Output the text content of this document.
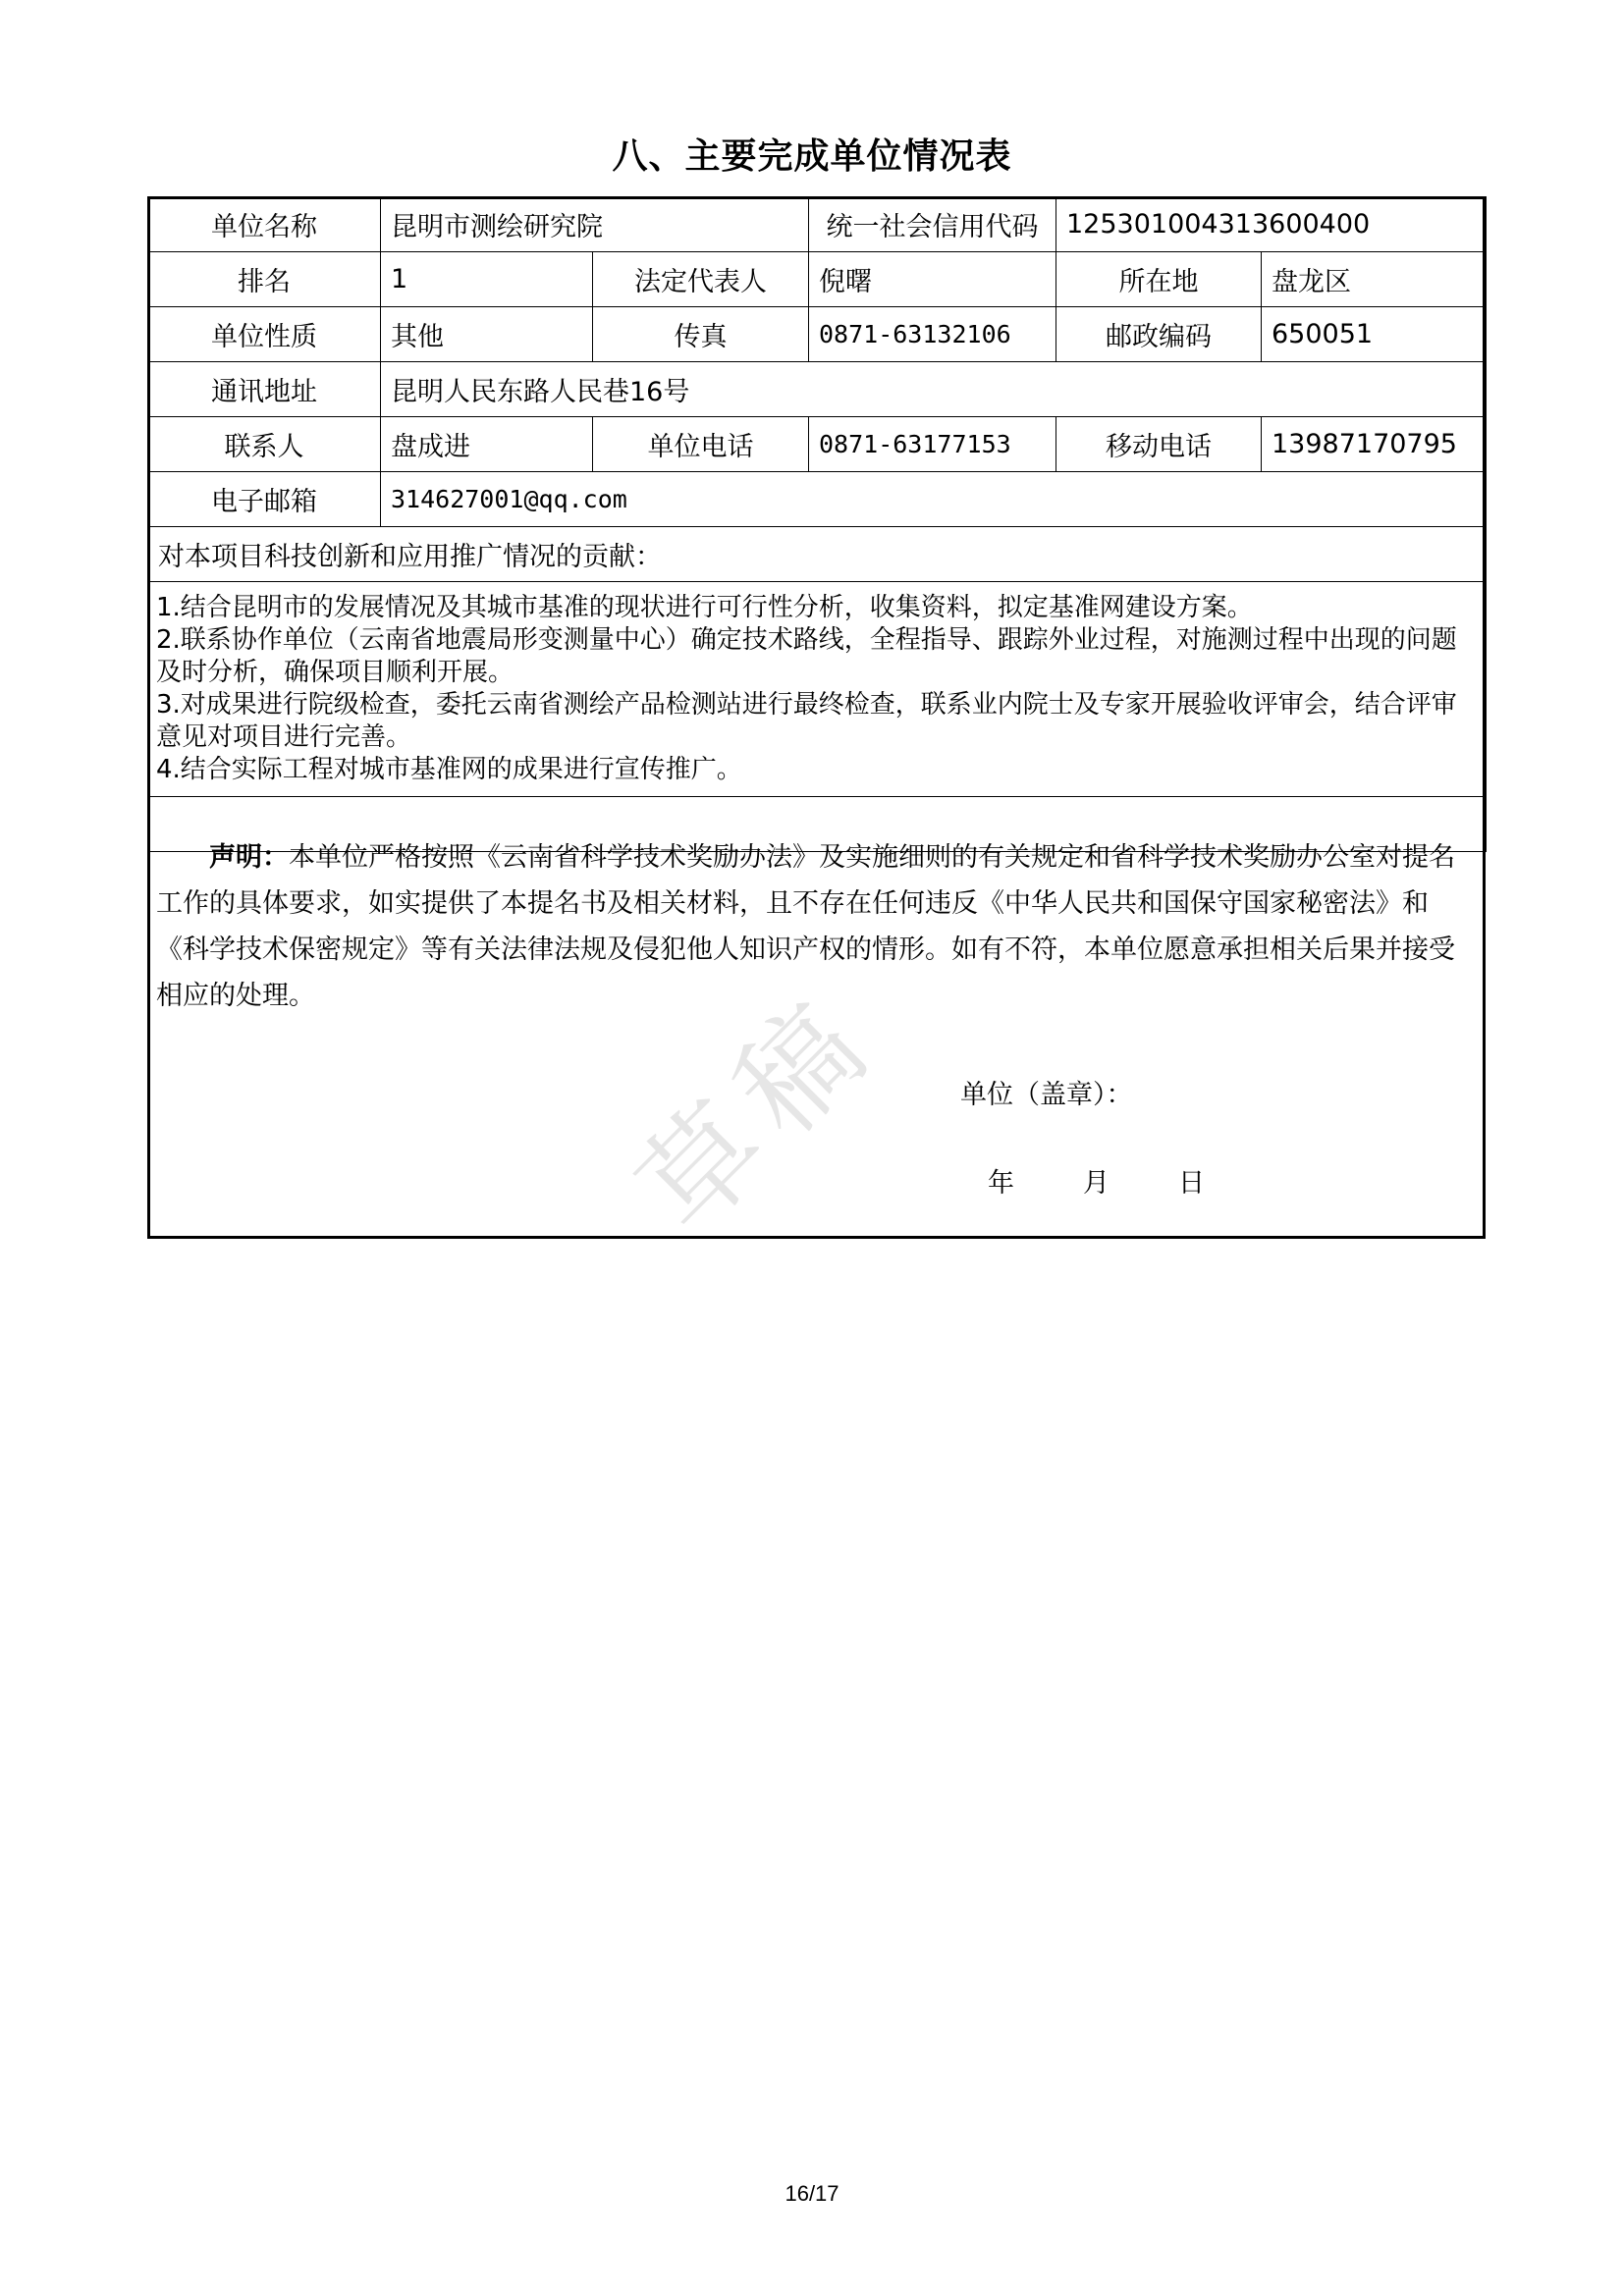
八、主要完成单位情况表
单位名称	昆明市测绘研究院		统一社会信用代码	125301004313600400	
排名	1	法定代表人	倪曙	所在地	盘龙区
单位性质	其他	传真	0871-63132106	邮政编码	650051
通讯地址	昆明人民东路人民巷16号				
联系人	盘成进	单位电话	0871-63177153	移动电话	13987170795
电子邮箱	314627001@qq.com				
对本项目科技创新和应用推广情况的贡献：					

1.结合昆明市的发展情况及其城市基准的现状进行可行性分析，收集资料，拟定基准网建设方案。
2.联系协作单位（云南省地震局形变测量中心）确定技术路线，全程指导、跟踪外业过程，对施测过程中出现的问题及时分析，确保项目顺利开展。
3.对成果进行院级检查，委托云南省测绘产品检测站进行最终检查，联系业内院士及专家开展验收评审会，结合评审意见对项目进行完善。
4.结合实际工程对城市基准网的成果进行宣传推广。					

声明：本单位严格按照《云南省科学技术奖励办法》及实施细则的有关规定和省科学技术奖励办公室对提名工作的具体要求，如实提供了本提名书及相关材料，且不存在任何违反《中华人民共和国保守国家秘密法》和《科学技术保密规定》等有关法律法规及侵犯他人知识产权的情形。如有不符，本单位愿意承担相关后果并接受相应的处理。
单位（盖章）：
年 月 日					
草稿
16/17
